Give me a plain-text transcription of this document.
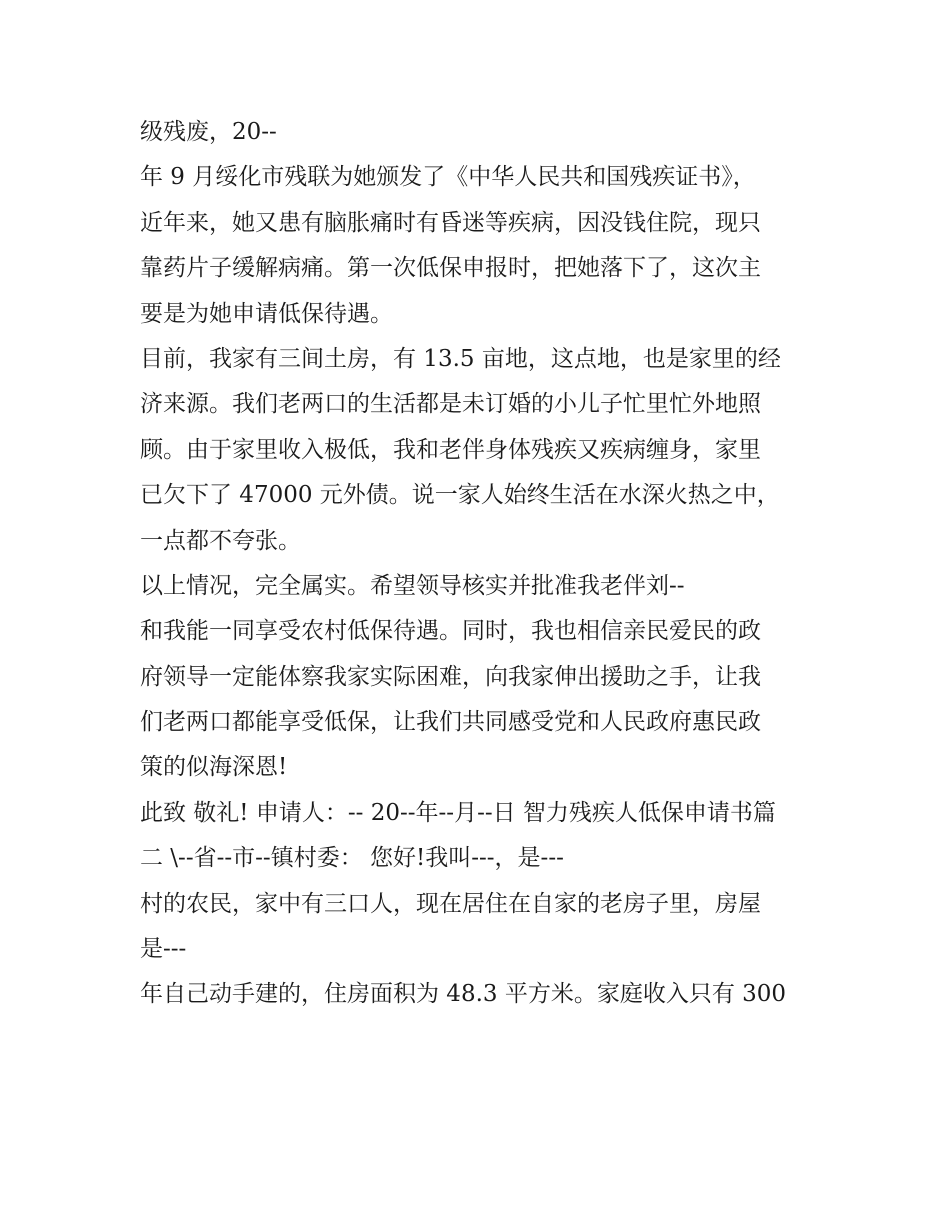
级残废，20--
年 9 月绥化市残联为她颁发了《中华人民共和国残疾证书》，
近年来，她又患有脑胀痛时有昏迷等疾病，因没钱住院，现只
靠药片子缓解病痛。第一次低保申报时，把她落下了，这次主
要是为她申请低保待遇。
目前，我家有三间土房，有 13.5 亩地，这点地，也是家里的经
济来源。我们老两口的生活都是未订婚的小儿子忙里忙外地照
顾。由于家里收入极低，我和老伴身体残疾又疾病缠身，家里
已欠下了 47000 元外债。说一家人始终生活在水深火热之中，
一点都不夸张。
以上情况，完全属实。希望领导核实并批准我老伴刘--
和我能一同享受农村低保待遇。同时，我也相信亲民爱民的政
府领导一定能体察我家实际困难，向我家伸出援助之手，让我
们老两口都能享受低保，让我们共同感受党和人民政府惠民政
策的似海深恩!
此致 敬礼! 申请人：-- 20--年--月--日 智力残疾人低保申请书篇
二 \--省--市--镇村委： 您好!我叫---，是---
村的农民，家中有三口人，现在居住在自家的老房子里，房屋
是---
年自己动手建的，住房面积为 48.3 平方米。家庭收入只有 300
